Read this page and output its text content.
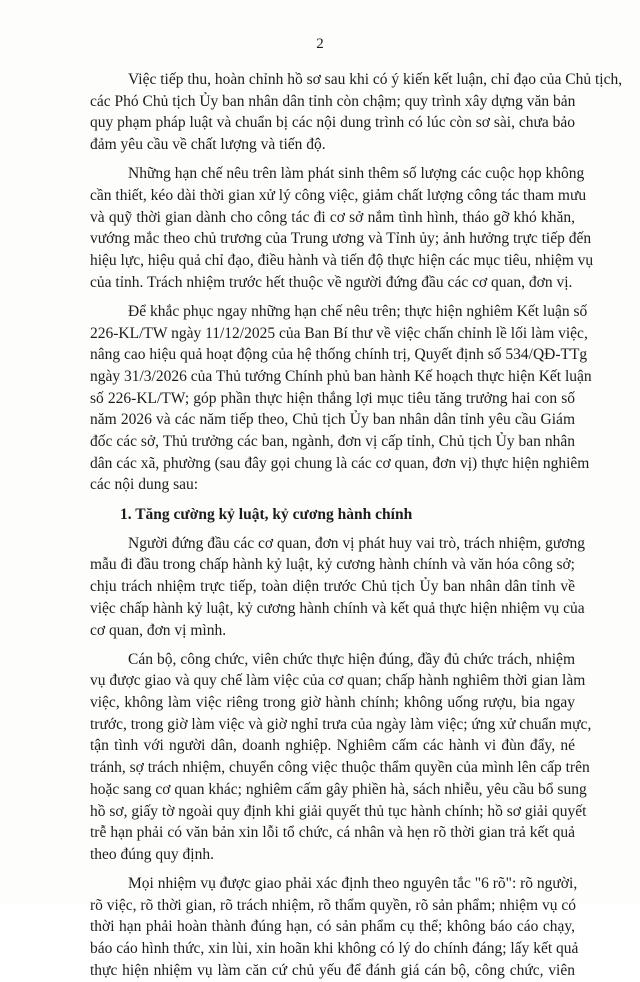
2
Việc tiếp thu, hoàn chỉnh hồ sơ sau khi có ý kiến kết luận, chỉ đạo của Chủ tịch,
các Phó Chủ tịch Ủy ban nhân dân tỉnh còn chậm; quy trình xây dựng văn bản
quy phạm pháp luật và chuẩn bị các nội dung trình có lúc còn sơ sài, chưa bảo
đảm yêu cầu về chất lượng và tiến độ.
Những hạn chế nêu trên làm phát sinh thêm số lượng các cuộc họp không
cần thiết, kéo dài thời gian xử lý công việc, giảm chất lượng công tác tham mưu
và quỹ thời gian dành cho công tác đi cơ sở nắm tình hình, tháo gỡ khó khăn,
vướng mắc theo chủ trương của Trung ương và Tỉnh ủy; ảnh hưởng trực tiếp đến
hiệu lực, hiệu quả chỉ đạo, điều hành và tiến độ thực hiện các mục tiêu, nhiệm vụ
của tỉnh. Trách nhiệm trước hết thuộc về người đứng đầu các cơ quan, đơn vị.
Để khắc phục ngay những hạn chế nêu trên; thực hiện nghiêm Kết luận số
226-KL/TW ngày 11/12/2025 của Ban Bí thư về việc chấn chỉnh lề lối làm việc,
nâng cao hiệu quả hoạt động của hệ thống chính trị, Quyết định số 534/QĐ-TTg
ngày 31/3/2026 của Thủ tướng Chính phủ ban hành Kế hoạch thực hiện Kết luận
số 226-KL/TW; góp phần thực hiện thắng lợi mục tiêu tăng trưởng hai con số
năm 2026 và các năm tiếp theo, Chủ tịch Ủy ban nhân dân tỉnh yêu cầu Giám
đốc các sở, Thủ trưởng các ban, ngành, đơn vị cấp tỉnh, Chủ tịch Ủy ban nhân
dân các xã, phường (sau đây gọi chung là các cơ quan, đơn vị) thực hiện nghiêm
các nội dung sau:
1. Tăng cường kỷ luật, kỷ cương hành chính
Người đứng đầu các cơ quan, đơn vị phát huy vai trò, trách nhiệm, gương
mẫu đi đầu trong chấp hành kỷ luật, kỷ cương hành chính và văn hóa công sở;
chịu trách nhiệm trực tiếp, toàn diện trước Chủ tịch Ủy ban nhân dân tỉnh về
việc chấp hành kỷ luật, kỷ cương hành chính và kết quả thực hiện nhiệm vụ của
cơ quan, đơn vị mình.
Cán bộ, công chức, viên chức thực hiện đúng, đầy đủ chức trách, nhiệm
vụ được giao và quy chế làm việc của cơ quan; chấp hành nghiêm thời gian làm
việc, không làm việc riêng trong giờ hành chính; không uống rượu, bia ngay
trước, trong giờ làm việc và giờ nghỉ trưa của ngày làm việc; ứng xử chuẩn mực,
tận tình với người dân, doanh nghiệp. Nghiêm cấm các hành vi đùn đẩy, né
tránh, sợ trách nhiệm, chuyển công việc thuộc thẩm quyền của mình lên cấp trên
hoặc sang cơ quan khác; nghiêm cấm gây phiền hà, sách nhiễu, yêu cầu bổ sung
hồ sơ, giấy tờ ngoài quy định khi giải quyết thủ tục hành chính; hồ sơ giải quyết
trễ hạn phải có văn bản xin lỗi tổ chức, cá nhân và hẹn rõ thời gian trả kết quả
theo đúng quy định.
Mọi nhiệm vụ được giao phải xác định theo nguyên tắc "6 rõ": rõ người,
rõ việc, rõ thời gian, rõ trách nhiệm, rõ thẩm quyền, rõ sản phẩm; nhiệm vụ có
thời hạn phải hoàn thành đúng hạn, có sản phẩm cụ thể; không báo cáo chạy,
báo cáo hình thức, xin lùi, xin hoãn khi không có lý do chính đáng; lấy kết quả
thực hiện nhiệm vụ làm căn cứ chủ yếu để đánh giá cán bộ, công chức, viên
